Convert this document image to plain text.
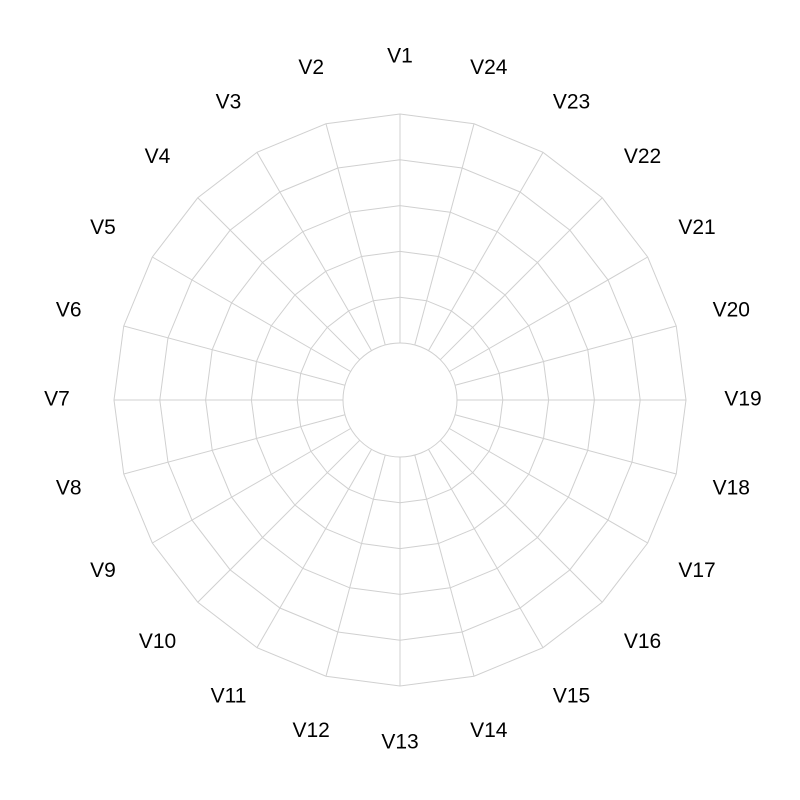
V1
V2
V3
V4
V5
V6
V7
V8
V9
V10
V11
V12
V13
V14
V15
V16
V17
V18
V19
V20
V21
V22
V23
V24
